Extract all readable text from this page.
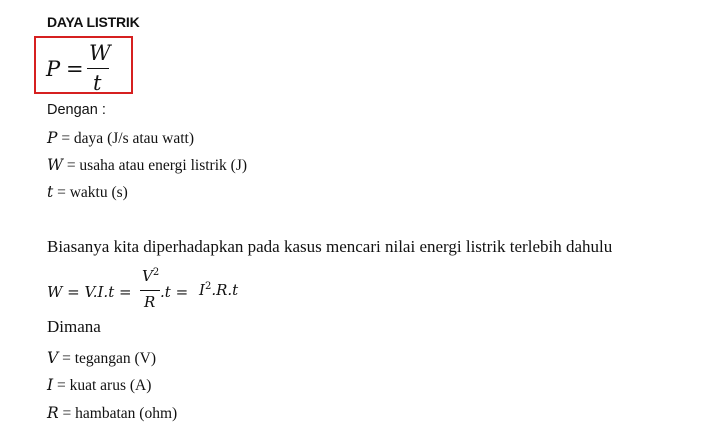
DAYA LISTRIK
P =
W
t
Dengan :
P = daya (J/s atau watt)
W = usaha atau energi listrik (J)
t = waktu (s)
Biasanya kita diperhadapkan pada kasus mencari nilai energi listrik terlebih dahulu
W = V.I.t =
$V^2$
R
$.t = I^2.R.t$
Dimana
V = tegangan (V)
I = kuat arus (A)
R = hambatan (ohm)
